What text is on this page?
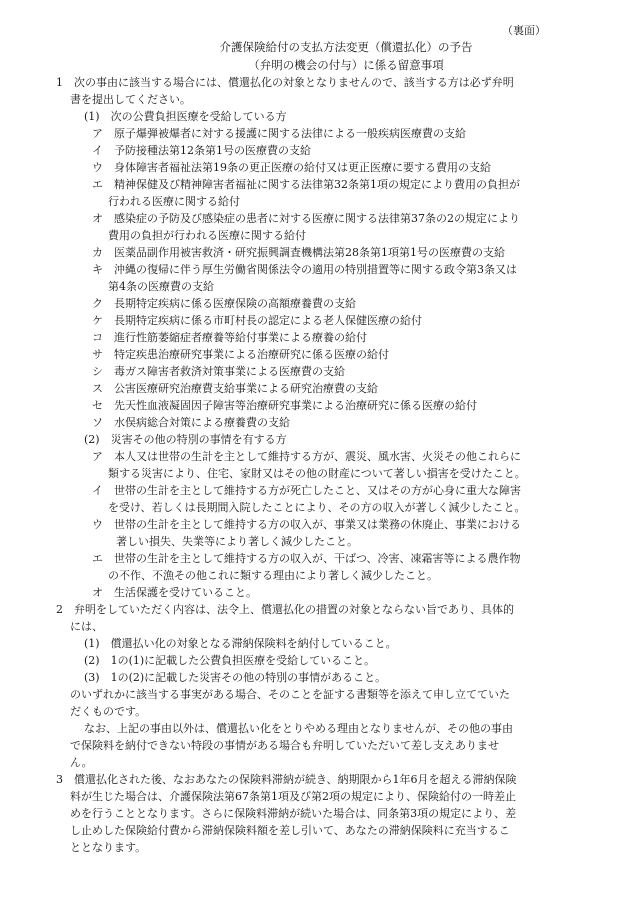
（裏面）
介護保険給付の支払方法変更（償還払化）の予告
（弁明の機会の付与）に係る留意事項
1　次の事由に該当する場合には、償還払化の対象となりませんので、該当する方は必ず弁明
書を提出してください。
(1)　次の公費負担医療を受給している方
ア　原子爆弾被爆者に対する援護に関する法律による一般疾病医療費の支給
イ　予防接種法第12条第1号の医療費の支給
ウ　身体障害者福祉法第19条の更正医療の給付又は更正医療に要する費用の支給
エ　精神保健及び精神障害者福祉に関する法律第32条第1項の規定により費用の負担が
行われる医療に関する給付
オ　感染症の予防及び感染症の患者に対する医療に関する法律第37条の2の規定により
費用の負担が行われる医療に関する給付
カ　医薬品副作用被害救済・研究振興調査機構法第28条第1項第1号の医療費の支給
キ　沖縄の復帰に伴う厚生労働省関係法令の適用の特別措置等に関する政令第3条又は
第4条の医療費の支給
ク　長期特定疾病に係る医療保険の高額療養費の支給
ケ　長期特定疾病に係る市町村長の認定による老人保健医療の給付
コ　進行性筋萎縮症者療養等給付事業による療養の給付
サ　特定疾患治療研究事業による治療研究に係る医療の給付
シ　毒ガス障害者救済対策事業による医療費の支給
ス　公害医療研究治療費支給事業による研究治療費の支給
セ　先天性血液凝固因子障害等治療研究事業による治療研究に係る医療の給付
ソ　水俣病総合対策による療養費の支給
(2)　災害その他の特別の事情を有する方
ア　本人又は世帯の生計を主として維持する方が、震災、風水害、火災その他これらに
類する災害により、住宅、家財又はその他の財産について著しい損害を受けたこと。
イ　世帯の生計を主として維持する方が死亡したこと、又はその方が心身に重大な障害
を受け、若しくは長期間入院したことにより、その方の収入が著しく減少したこと。
ウ　世帯の生計を主として維持する方の収入が、事業又は業務の休廃止、事業における
著しい損失、失業等により著しく減少したこと。
エ　世帯の生計を主として維持する方の収入が、干ばつ、冷害、凍霜害等による農作物
の不作、不漁その他これに類する理由により著しく減少したこと。
オ　生活保護を受けていること。
2　弁明をしていただく内容は、法令上、償還払化の措置の対象とならない旨であり、具体的
には、
(1)　償還払い化の対象となる滞納保険料を納付していること。
(2)　1の(1)に記載した公費負担医療を受給していること。
(3)　1の(2)に記載した災害その他の特別の事情があること。
のいずれかに該当する事実がある場合、そのことを証する書類等を添えて申し立てていた
だくものです。
なお、上記の事由以外は、償還払い化をとりやめる理由となりませんが、その他の事由
で保険料を納付できない特段の事情がある場合も弁明していただいて差し支えありませ
ん。
3　償還払化された後、なおあなたの保険料滞納が続き、納期限から1年6月を超える滞納保険
料が生じた場合は、介護保険法第67条第1項及び第2項の規定により、保険給付の一時差止
めを行うこととなります。さらに保険料滞納が続いた場合は、同条第3項の規定により、差
し止めした保険給付費から滞納保険料額を差し引いて、あなたの滞納保険料に充当するこ
ととなります。
